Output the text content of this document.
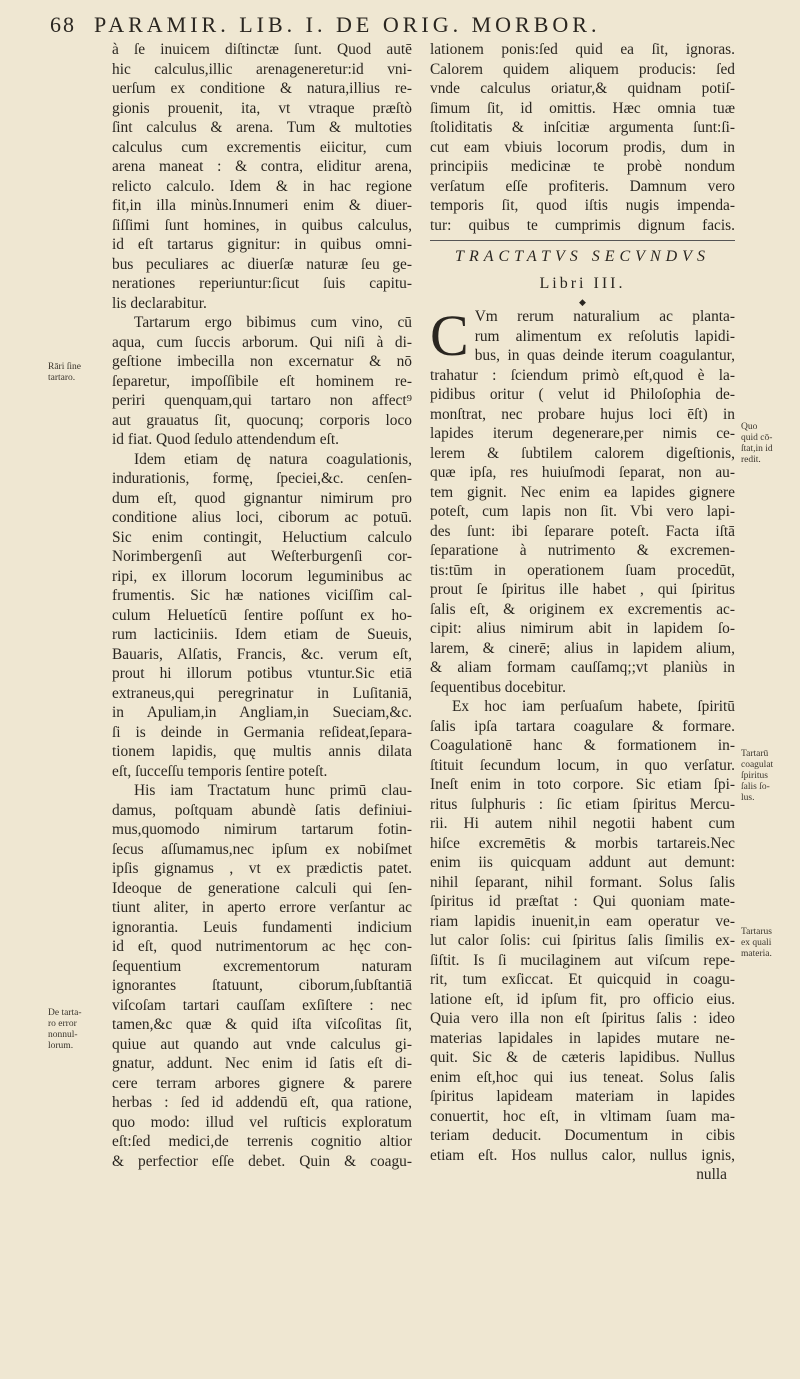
68 PARAMIR. LIB. I. DE ORIG. MORBOR.
à ſe inuicem diſtinctæ ſunt. Quod autē
hic calculus,illic arenageneretur:id vni-
uerſum ex conditione & natura,illius re-
gionis prouenit, ita, vt vtraque præſtò
ſint calculus & arena. Tum & multoties
calculus cum excrementis eiicitur, cum
arena maneat : & contra, eliditur arena,
relicto calculo. Idem & in hac regione
fit,in illa minùs.Innumeri enim & diuer-
ſiſſimi ſunt homines, in quibus calculus,
id eſt tartarus gignitur: in quibus omni-
bus peculiares ac diuerſæ naturæ ſeu ge-
nerationes reperiuntur:ſicut ſuis capitu-
lis declarabitur.
Tartarum ergo bibimus cum vino, cū
aqua, cum ſuccis arborum. Qui niſi à di-
geſtione imbecilla non excernatur & nō
ſeparetur, impoſſibile eſt hominem re-
periri quenquam,qui tartaro non affect⁹
aut grauatus ſit, quocunq; corporis loco
id fiat. Quod ſedulo attendendum eſt.
Idem etiam dę natura coagulationis,
indurationis, formę, ſpeciei,&c. cenſen-
dum eſt, quod gignantur nimirum pro
conditione alius loci, ciborum ac potuū.
Sic enim contingit, Heluctium calculo
Norimbergenſi aut Weſterburgenſi cor-
ripi, ex illorum locorum leguminibus ac
frumentis. Sic hæ nationes viciſſim cal-
culum Heluetícū ſentire poſſunt ex ho-
rum lacticiniis. Idem etiam de Sueuis,
Bauaris, Alſatis, Francis, &c. verum eſt,
prout hi illorum potibus vtuntur.Sic etiā
extraneus,qui peregrinatur in Luſitaniā,
in Apuliam,in Angliam,in Sueciam,&c.
ſi is deinde in Germania reſideat,ſepara-
tionem lapidis, quę multis annis dilata
eſt, ſucceſſu temporis ſentire poteſt.
His iam Tractatum hunc primū clau-
damus, poſtquam abundè ſatis definiui-
mus,quomodo nimirum tartarum fotin-
ſecus aſſumamus,nec ipſum ex nobiſmet
ipſis gignamus , vt ex prædictis patet.
Ideoque de generatione calculi qui ſen-
tiunt aliter, in aperto errore verſantur ac
ignorantia. Leuis fundamenti indicium
id eſt, quod nutrimentorum ac hęc con-
ſequentium excrementorum naturam
ignorantes ſtatuunt, ciborum,ſubſtantiā
viſcoſam tartari cauſſam exſiſtere : nec
tamen,&c quæ & quid iſta viſcoſitas ſit,
quiue aut quando aut vnde calculus gi-
gnatur, addunt. Nec enim id ſatis eſt di-
cere terram arbores gignere & parere
herbas : ſed id addendū eſt, qua ratione,
quo modo: illud vel ruſticis exploratum
eſt:ſed medici,de terrenis cognitio altior
& perfectior eſſe debet. Quin & coagu-
lationem ponis:ſed quid ea ſit, ignoras.
Calorem quidem aliquem producis: ſed
vnde calculus oriatur,& quidnam potiſ-
ſimum ſit, id omittis. Hæc omnia tuæ
ſtoliditatis & inſcitiæ argumenta ſunt:ſi-
cut eam vbiuis locorum prodis, dum in
principiis medicinæ te probè nondum
verſatum eſſe profiteris. Damnum vero
temporis ſit, quod iſtis nugis impenda-
tur: quibus te cumprimis dignum facis.
TRACTATVS SECVNDVS
Libri III.
◆
C Vm rerum naturalium ac planta-
rum alimentum ex reſolutis lapidi-
bus, in quas deinde iterum coagulantur,
trahatur : ſciendum primò eſt,quod è la-
pidibus oritur ( velut id Philoſophia de-
monſtrat, nec probare hujus loci ēſt) in
lapides iterum degenerare,per nimis ce-
lerem & ſubtilem calorem digeſtionis,
quæ ipſa, res huiuſmodi ſeparat, non au-
tem gignit. Nec enim ea lapides gignere
poteſt, cum lapis non ſit. Vbi vero lapi-
des ſunt: ibi ſeparare poteſt. Facta iſtā
ſeparatione à nutrimento & excremen-
tis:tūm in operationem ſuam procedūt,
prout ſe ſpiritus ille habet , qui ſpiritus
ſalis eſt, & originem ex excrementis ac-
cipit: alius nimirum abit in lapidem ſo-
larem, & cinerē; alius in lapidem alium,
& aliam formam cauſſamq;;vt planiùs in
ſequentibus docebitur.
Ex hoc iam perſuaſum habete, ſpiritū
ſalis ipſa tartara coagulare & formare.
Coagulationē hanc & formationem in-
ſtituit ſecundum locum, in quo verſatur.
Ineſt enim in toto corpore. Sic etiam ſpi-
ritus ſulphuris : ſic etiam ſpiritus Mercu-
rii. Hi autem nihil negotii habent cum
hiſce excremētis & morbis tartareis.Nec
enim iis quicquam addunt aut demunt:
nihil ſeparant, nihil formant. Solus ſalis
ſpiritus id præſtat : Qui quoniam mate-
riam lapidis inuenit,in eam operatur ve-
lut calor ſolis: cui ſpiritus ſalis ſimilis ex-
ſiſtit. Is ſi mucilaginem aut viſcum repe-
rit, tum exſiccat. Et quicquid in coagu-
latione eſt, id ipſum fit, pro officio eius.
Quia vero illa non eſt ſpiritus ſalis : ideo
materias lapidales in lapides mutare ne-
quit. Sic & de cæteris lapidibus. Nullus
enim eſt,hoc qui ius teneat. Solus ſalis
ſpiritus lapideam materiam in lapides
conuertit, hoc eſt, in vltimam ſuam ma-
teriam deducit. Documentum in cibis
etiam eſt. Hos nullus calor, nullus ignis,
nulla
Rāri ſine
tartaro.
De tarta-
ro error
nonnul-
lorum.
Quo
quid cō-
ſtat,in id
redit.
Tartarū
coagulat
ſpiritus
ſalis ſo-
lus.
Tartarus
ex quali
materia.
